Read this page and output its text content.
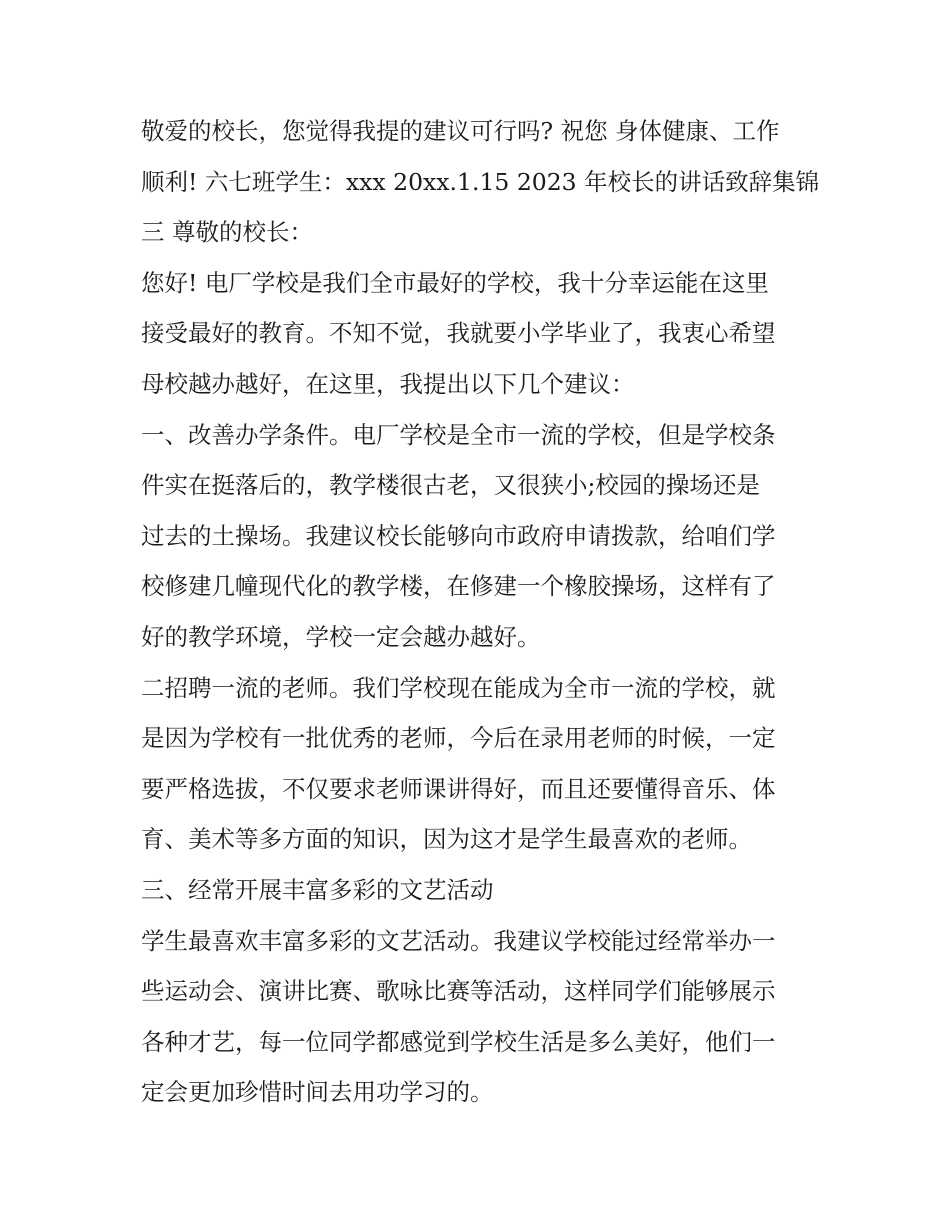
敬爱的校长，您觉得我提的建议可行吗? 祝您 身体健康、工作
顺利! 六七班学生：xxx 20xx.1.15 2023 年校长的讲话致辞集锦
三 尊敬的校长：
您好! 电厂学校是我们全市最好的学校，我十分幸运能在这里
接受最好的教育。不知不觉，我就要小学毕业了，我衷心希望
母校越办越好，在这里，我提出以下几个建议：
一、改善办学条件。电厂学校是全市一流的学校，但是学校条
件实在挺落后的，教学楼很古老，又很狭小;校园的操场还是
过去的土操场。我建议校长能够向市政府申请拨款，给咱们学
校修建几幢现代化的教学楼，在修建一个橡胶操场，这样有了
好的教学环境，学校一定会越办越好。
二招聘一流的老师。我们学校现在能成为全市一流的学校，就
是因为学校有一批优秀的老师，今后在录用老师的时候，一定
要严格选拔，不仅要求老师课讲得好，而且还要懂得音乐、体
育、美术等多方面的知识，因为这才是学生最喜欢的老师。
三、经常开展丰富多彩的文艺活动
学生最喜欢丰富多彩的文艺活动。我建议学校能过经常举办一
些运动会、演讲比赛、歌咏比赛等活动，这样同学们能够展示
各种才艺，每一位同学都感觉到学校生活是多么美好，他们一
定会更加珍惜时间去用功学习的。
